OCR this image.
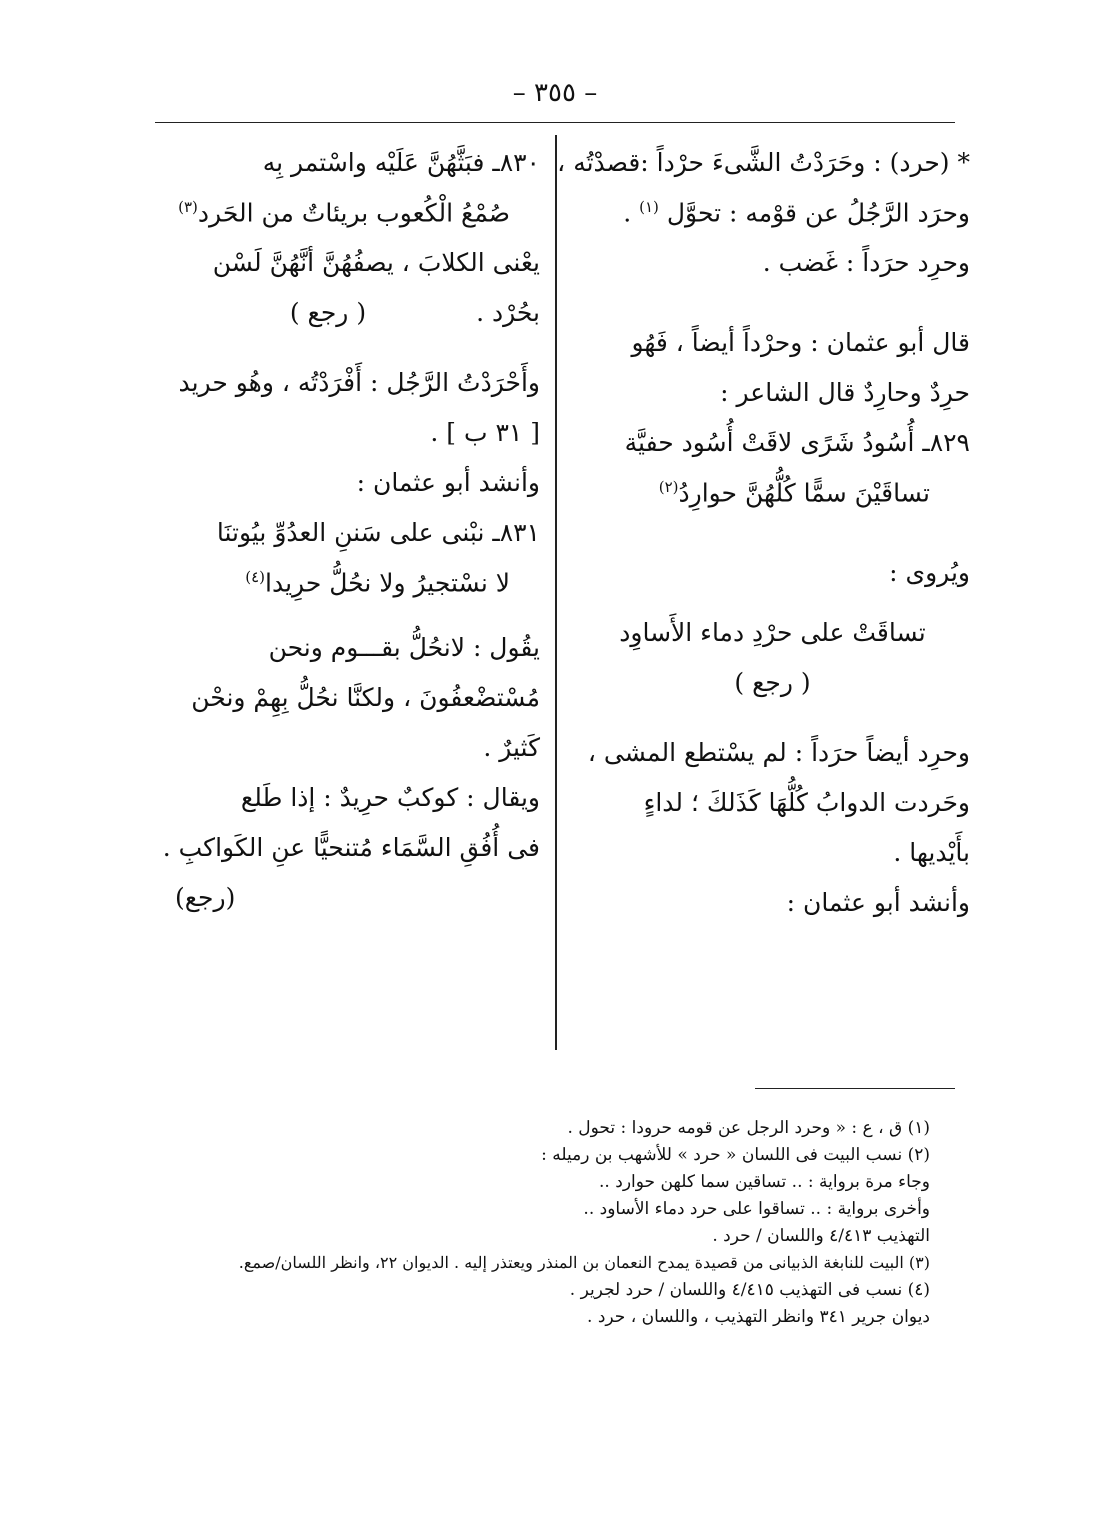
– ٣٥٥ –
* (حرد) : وحَرَدْتُ الشَّىءَ حرْداً :قصدْتُه ،
وحرَد الرَّجُلُ عن قوْمه : تحوَّل $^{(١)}$ .
وحرِد حرَداً : غَضب .
قال أبو عثمان : وحرْداً أيضاً ، فَهُو
حرِدٌ وحارِدٌ قال الشاعر :
٨٢٩ـ أُسُودُ شَرًى لاقَتْ أُسُود حفيَّة
تساقَيْنَ سمًّا كُلُّهُنَّ حوارِدُ$^{(٢)}$
ويُروى :
تساقَتْ على حرْدِ دماء الأَساوِد
( رجع )
وحرِد أيضاً حرَداً : لم يسْتطع المشى ،
وحَردت الدوابُ كُلُّهَا كَذَلكَ ؛ لداءٍ
بأَيْديها .
وأنشد أبو عثمان :
٨٣٠ـ فبَثَّهُنَّ عَلَيْه واسْتمر بِه
صُمْعُ الْكُعوب بريئاتٌ من الحَرد$^{(٣)}$
يعْنى الكلابَ ، يصفُهُنَّ أنَّهُنَّ لَسْن
بحُرْد .( رجع )
وأَحْرَدْتُ الرَّجُل : أَفْرَدْتُه ، وهُو حريد
[ ٣١ ب ] .
وأنشد أبو عثمان :
٨٣١ـ نبْنى على سَننِ العدُوِّ بيُوتنَا
لا نسْتجيرُ ولا نحُلُّ حرِيدا$^{(٤)}$
يقُول : لانحُلُّ بقـــوم ونحن
مُسْتضْعفُونَ ، ولكنَّا نحُلُّ بِهِمْ ونحْن
كَثيرٌ .
ويقال : كوكبٌ حرِيدٌ : إذا طَلع
فى أُفُقِ السَّمَاء مُتنحيًّا عنِ الكَواكبِ .
(رجع)
(١) ق ، ع : « وحرد الرجل عن قومه حرودا : تحول .
(٢) نسب البيت فى اللسان « حرد » للأشهب بن رميله :
وجاء مرة برواية : .. تساقين سما كلهن حوارد ..
وأخرى برواية : .. تساقوا على حرد دماء الأساود ..
التهذيب ٤/٤١٣ واللسان / حرد .
(٣) البيت للنابغة الذبيانى من قصيدة يمدح النعمان بن المنذر ويعتذر إليه . الديوان ٢٢، وانظر اللسان/صمع.
(٤) نسب فى التهذيب ٤/٤١٥ واللسان / حرد لجرير .
ديوان جرير ٣٤١ وانظر التهذيب ، واللسان ، حرد .
